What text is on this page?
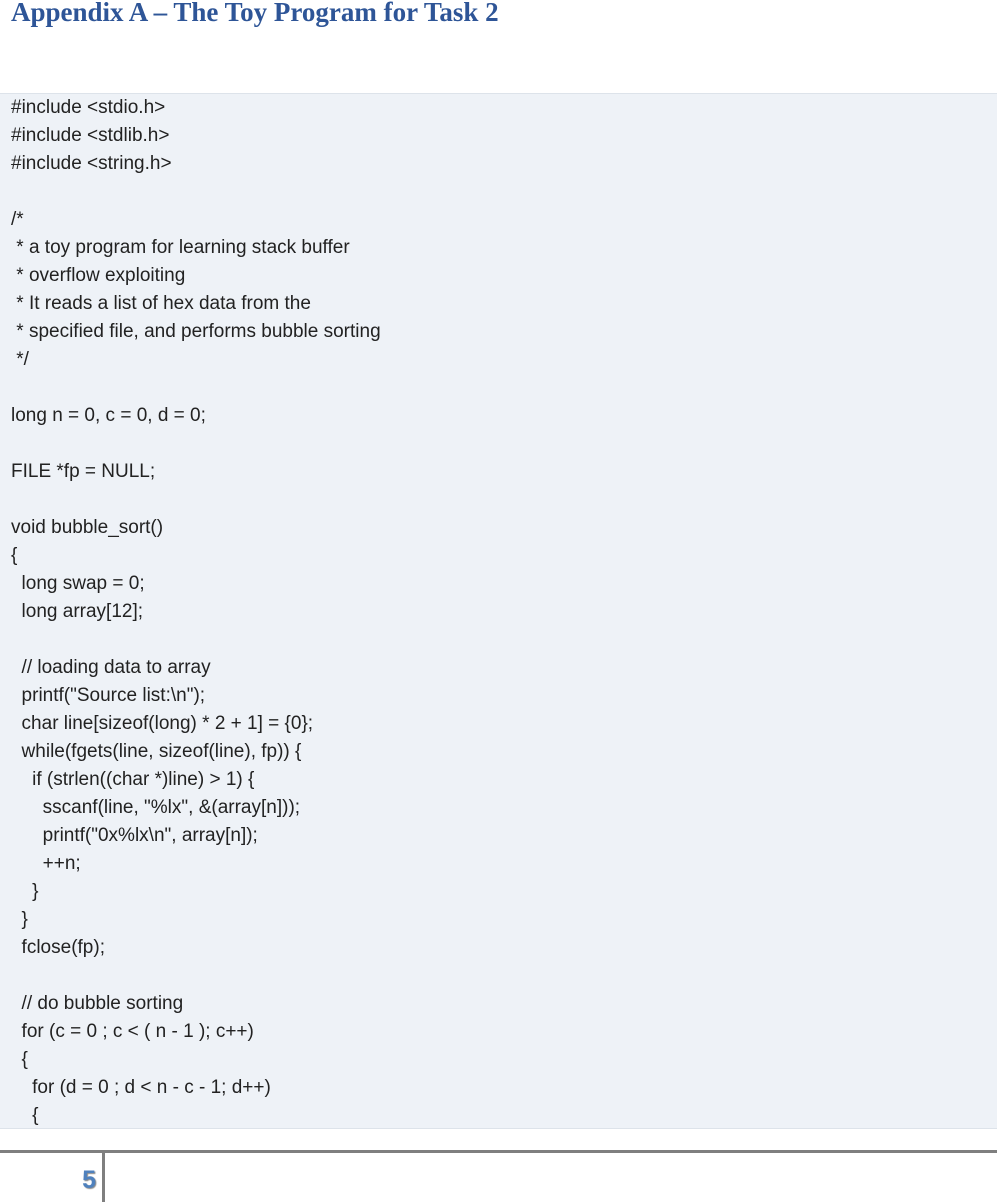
Appendix A – The Toy Program for Task 2
#include <stdio.h>
#include <stdlib.h>
#include <string.h>
/*
* a toy program for learning stack buffer
* overflow exploiting
* It reads a list of hex data from the
* specified file, and performs bubble sorting
*/
long n = 0, c = 0, d = 0;
FILE *fp = NULL;
void bubble_sort()
{
long swap = 0;
long array[12];
// loading data to array
printf("Source list:\n");
char line[sizeof(long) * 2 + 1] = {0};
while(fgets(line, sizeof(line), fp)) {
if (strlen((char *)line) > 1) {
sscanf(line, "%lx", &(array[n]));
printf("0x%lx\n", array[n]);
++n;
}
}
fclose(fp);
// do bubble sorting
for (c = 0 ; c < ( n - 1 ); c++)
{
for (d = 0 ; d < n - c - 1; d++)
{
5
